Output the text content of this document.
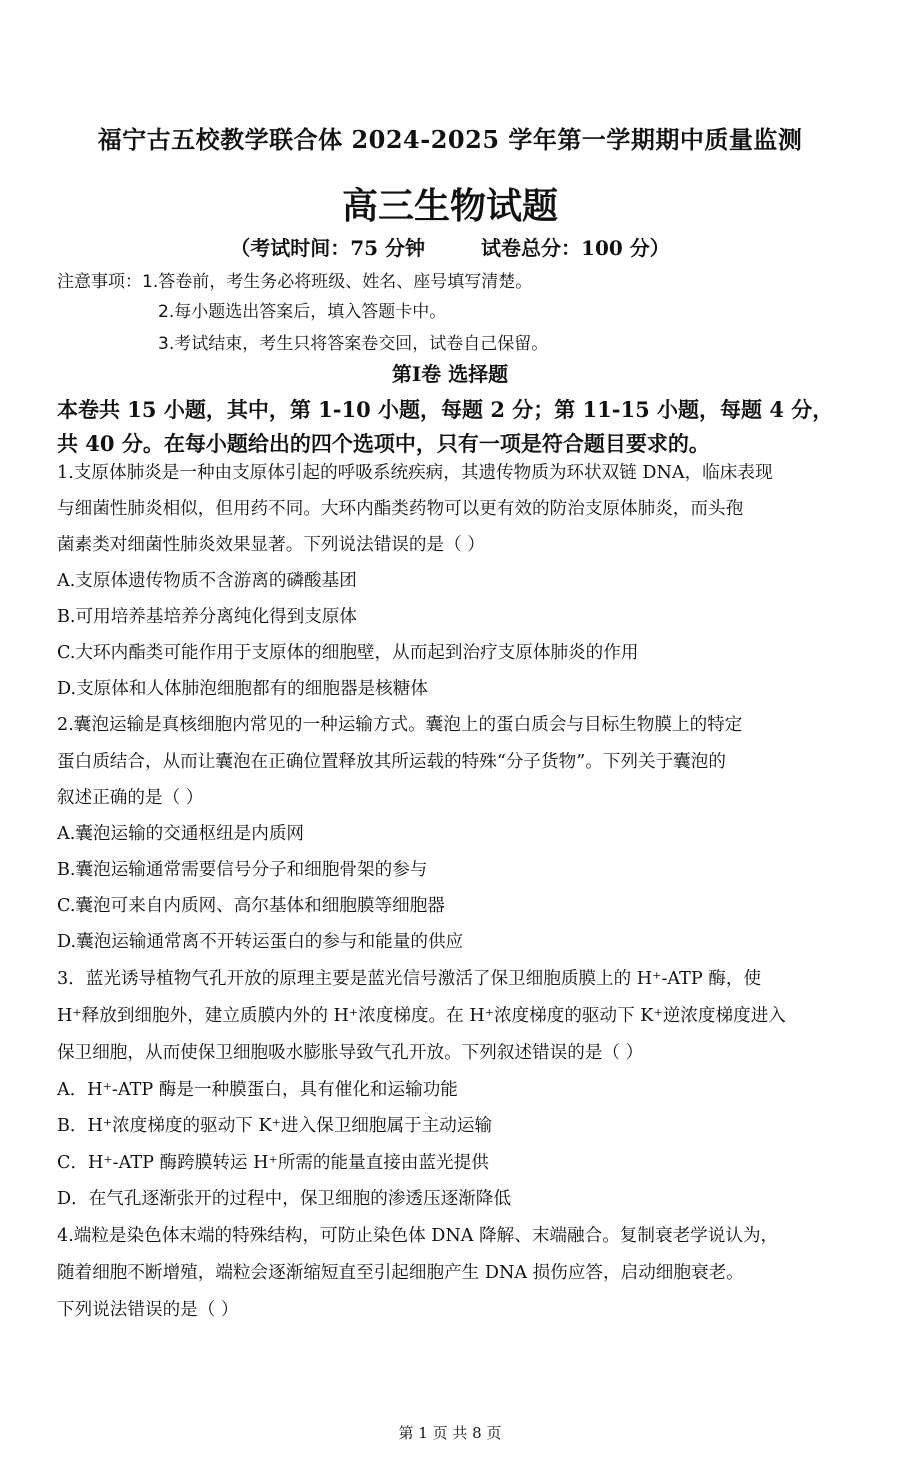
福宁古五校教学联合体 2024-2025 学年第一学期期中质量监测
高三生物试题
（考试时间：75 分钟	试卷总分：100 分）
注意事项：1.答卷前，考生务必将班级、姓名、座号填写清楚。
2.每小题选出答案后，填入答题卡中。
3.考试结束，考生只将答案卷交回，试卷自己保留。
第Ⅰ卷 选择题
本卷共 15 小题，其中，第 1-10 小题，每题 2 分；第 11-15 小题，每题 4 分，
共 40 分。在每小题给出的四个选项中，只有一项是符合题目要求的。
1.支原体肺炎是一种由支原体引起的呼吸系统疾病，其遗传物质为环状双链 DNA，临床表现
与细菌性肺炎相似，但用药不同。大环内酯类药物可以更有效的防治支原体肺炎，而头孢
菌素类对细菌性肺炎效果显著。下列说法错误的是（ ）
A.支原体遗传物质不含游离的磷酸基团
B.可用培养基培养分离纯化得到支原体
C.大环内酯类可能作用于支原体的细胞壁，从而起到治疗支原体肺炎的作用
D.支原体和人体肺泡细胞都有的细胞器是核糖体
2.囊泡运输是真核细胞内常见的一种运输方式。囊泡上的蛋白质会与目标生物膜上的特定
蛋白质结合，从而让囊泡在正确位置释放其所运载的特殊“分子货物”。下列关于囊泡的
叙述正确的是（ ）
A.囊泡运输的交通枢纽是内质网
B.囊泡运输通常需要信号分子和细胞骨架的参与
C.囊泡可来自内质网、高尔基体和细胞膜等细胞器
D.囊泡运输通常离不开转运蛋白的参与和能量的供应
3．蓝光诱导植物气孔开放的原理主要是蓝光信号激活了保卫细胞质膜上的 H⁺-ATP 酶，使
H⁺释放到细胞外，建立质膜内外的 H⁺浓度梯度。在 H⁺浓度梯度的驱动下 K⁺逆浓度梯度进入
保卫细胞，从而使保卫细胞吸水膨胀导致气孔开放。下列叙述错误的是（ ）
A．H⁺-ATP 酶是一种膜蛋白，具有催化和运输功能
B．H⁺浓度梯度的驱动下 K⁺进入保卫细胞属于主动运输
C．H⁺-ATP 酶跨膜转运 H⁺所需的能量直接由蓝光提供
D．在气孔逐渐张开的过程中，保卫细胞的渗透压逐渐降低
4.端粒是染色体末端的特殊结构，可防止染色体 DNA 降解、末端融合。复制衰老学说认为，
随着细胞不断增殖，端粒会逐渐缩短直至引起细胞产生 DNA 损伤应答，启动细胞衰老。
下列说法错误的是（ ）
第 1 页 共 8 页
